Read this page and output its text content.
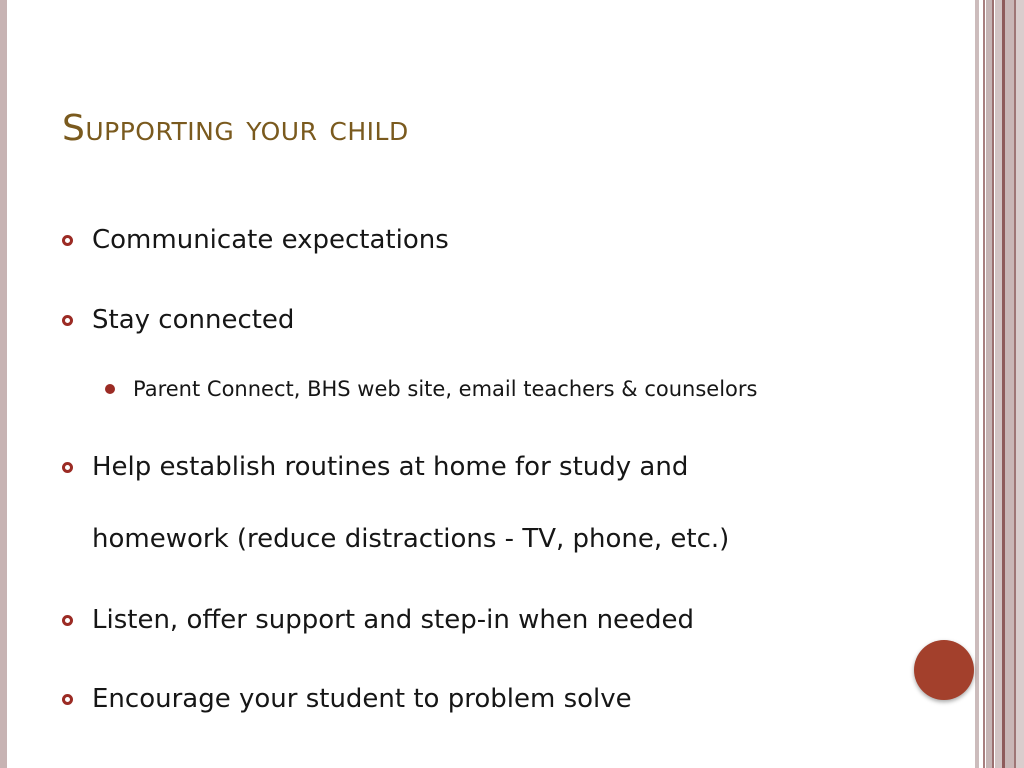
Supporting your child
Communicate expectations
Stay connected
Parent Connect, BHS web site, email teachers & counselors
Help establish routines at home for study and
homework (reduce distractions - TV, phone, etc.)
Listen, offer support and step-in when needed
Encourage your student to problem solve
